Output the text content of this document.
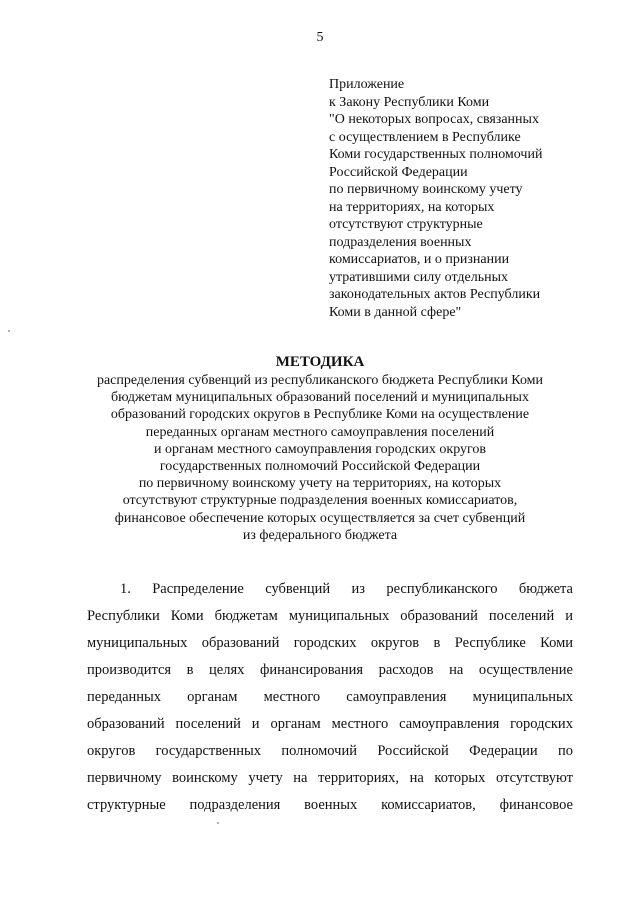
5
Приложение
к Закону Республики Коми
"О некоторых вопросах, связанных
с осуществлением в Республике
Коми государственных полномочий
Российской Федерации
по первичному воинскому учету
на территориях, на которых
отсутствуют структурные
подразделения военных
комиссариатов, и о признании
утратившими силу отдельных
законодательных актов Республики
Коми в данной сфере"
МЕТОДИКА
распределения субвенций из республиканского бюджета Республики Коми
бюджетам муниципальных образований поселений и муниципальных
образований городских округов в Республике Коми на осуществление
переданных органам местного самоуправления поселений
и органам местного самоуправления городских округов
государственных полномочий Российской Федерации
по первичному воинскому учету на территориях, на которых
отсутствуют структурные подразделения военных комиссариатов,
финансовое обеспечение которых осуществляется за счет субвенций
из федерального бюджета
1. Распределение субвенций из республиканского бюджета
Республики Коми бюджетам муниципальных образований поселений и
муниципальных образований городских округов в Республике Коми
производится в целях финансирования расходов на осуществление
переданных органам местного самоуправления муниципальных
образований поселений и органам местного самоуправления городских
округов государственных полномочий Российской Федерации по
первичному воинскому учету на территориях, на которых отсутствуют
структурные подразделения военных комиссариатов, финансовое
